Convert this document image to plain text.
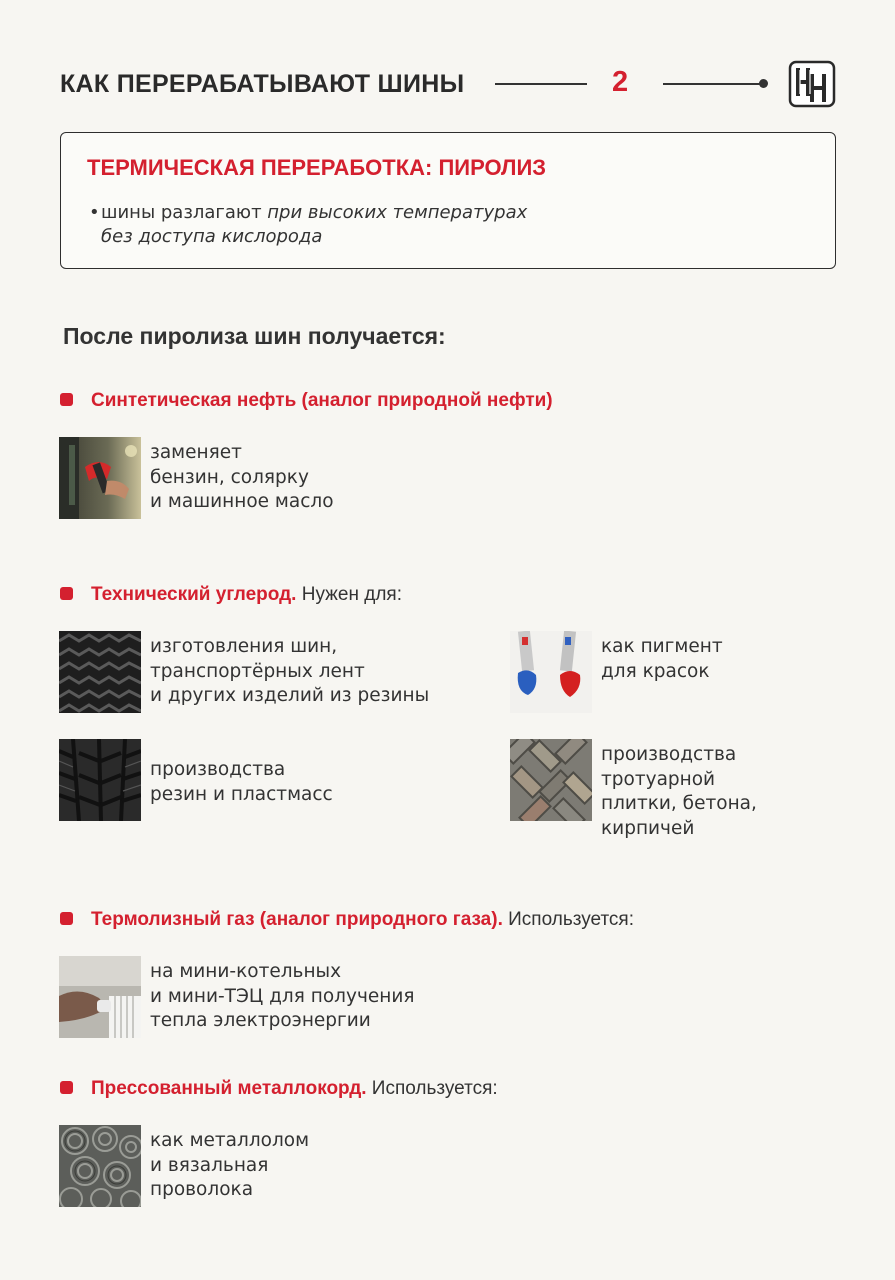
КАК ПЕРЕРАБАТЫВАЮТ ШИНЫ	2
ТЕРМИЧЕСКАЯ ПЕРЕРАБОТКА: ПИРОЛИЗ
•шины разлагают при высоких температурах
без доступа кислорода
После пиролиза шин получается:
Синтетическая нефть (аналог природной нефти)
заменяет
бензин, солярку
и машинное масло
Технический углерод. Нужен для:
изготовления шин,
транспортёрных лент
и других изделий из резины
как пигмент
для красок
производства
резин и пластмасс
производства
тротуарной
плитки, бетона,
кирпичей
Термолизный газ (аналог природного газа). Используется:
на мини-котельных
и мини-ТЭЦ для получения
тепла электроэнергии
Прессованный металлокорд. Используется:
как металлолом
и вязальная
проволока
